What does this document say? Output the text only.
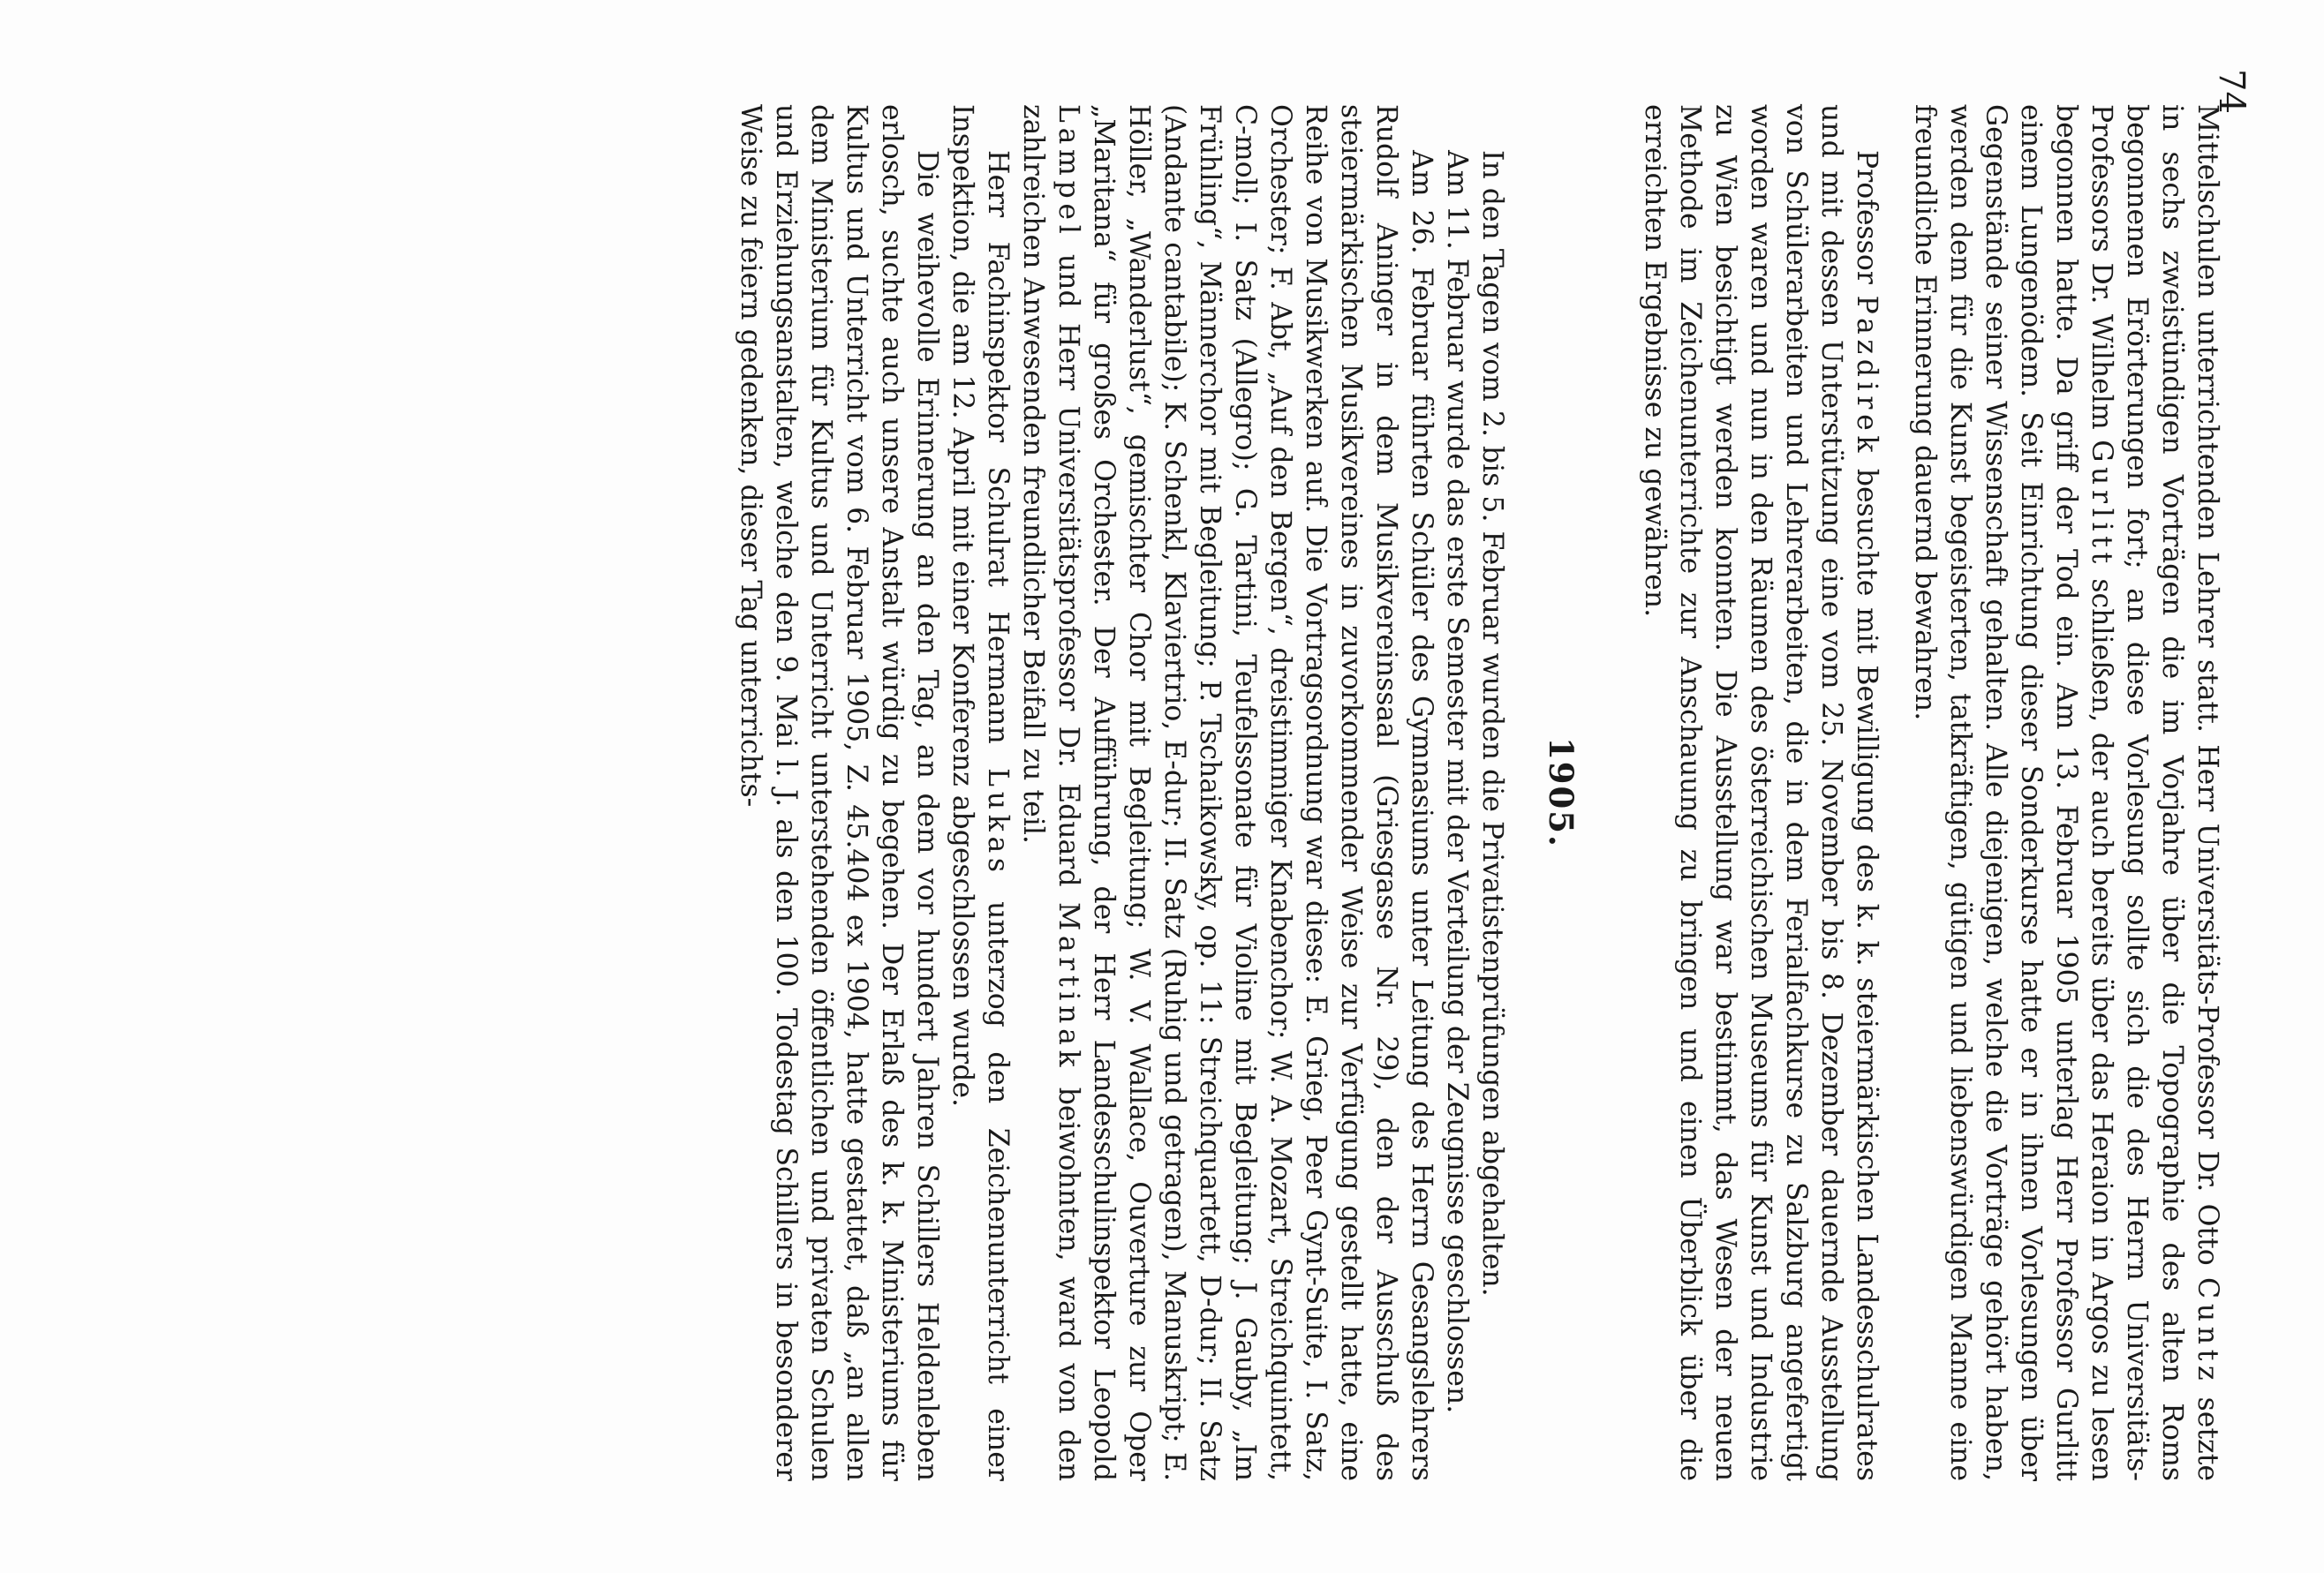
74

Mittelschulen unterrichtenden Lehrer statt. Herr Universitäts-Professor Dr. Otto Cuntz setzte in sechs zweistündigen Vorträgen die im Vorjahre über die Topographie des alten Roms begonnenen Erörterungen fort; an diese Vorlesung sollte sich die des Herrn Universitäts-Professors Dr. Wilhelm Gurlitt schließen, der auch bereits über das Heraion in Argos zu lesen begonnen hatte. Da griff der Tod ein. Am 13. Februar 1905 unterlag Herr Professor Gurlitt einem Lungenödem. Seit Einrichtung dieser Sonderkurse hatte er in ihnen Vorlesungen über Gegenstände seiner Wissenschaft gehalten. Alle diejenigen, welche die Vorträge gehört haben, werden dem für die Kunst begeisterten, tatkräftigen, gütigen und liebenswürdigen Manne eine freundliche Erinnerung dauernd bewahren.

Professor Pazdirek besuchte mit Bewilligung des k. k. steiermärkischen Landesschulrates und mit dessen Unterstützung eine vom 25. November bis 8. Dezember dauernde Ausstellung von Schülerarbeiten und Lehrerarbeiten, die in dem Ferialfachkurse zu Salzburg angefertigt worden waren und nun in den Räumen des österreichischen Museums für Kunst und Industrie zu Wien besichtigt werden konnten. Die Ausstellung war bestimmt, das Wesen der neuen Methode im Zeichenunterrichte zur Anschauung zu bringen und einen Überblick über die erreichten Ergebnisse zu gewähren.

1905.

In den Tagen vom 2. bis 5. Februar wurden die Privatistenprüfungen abgehalten.

Am 11. Februar wurde das erste Semester mit der Verteilung der Zeugnisse geschlossen.

Am 26. Februar führten Schüler des Gymnasiums unter Leitung des Herrn Gesangslehrers Rudolf Aninger in dem Musikvereinssaal (Griesgasse Nr. 29), den der Ausschuß des steiermärkischen Musikvereines in zuvorkommender Weise zur Verfügung gestellt hatte, eine Reihe von Musikwerken auf. Die Vortragsordnung war diese: E. Grieg, Peer Gynt-Suite, I. Satz, Orchester; F. Abt, „Auf den Bergen“, dreistimmiger Knabenchor; W. A. Mozart, Streichquintett, C-moll; I. Satz (Allegro); G. Tartini, Teufelssonate für Violine mit Begleitung; J. Gauby, „Im Frühling“, Männerchor mit Begleitung; P. Tschaikowsky, op. 11: Streichquartett, D-dur; II. Satz (Andante cantabile); K. Schenkl, Klaviertrio, E-dur; II. Satz (Ruhig und getragen), Manuskript; E. Höller, „Wanderlust“, gemischter Chor mit Begleitung; W. V. Wallace, Ouverture zur Oper „Maritana“ für großes Orchester. Der Aufführung, der Herr Landesschulinspektor Leopold Lampel und Herr Universitätsprofessor Dr. Eduard Martinak beiwohnten, ward von den zahlreichen Anwesenden freundlicher Beifall zu teil.

Herr Fachinspektor Schulrat Hermann Lukas unterzog den Zeichenunterricht einer Inspektion, die am 12. April mit einer Konferenz abgeschlossen wurde.

Die weihevolle Erinnerung an den Tag, an dem vor hundert Jahren Schillers Heldenleben erlosch, suchte auch unsere Anstalt würdig zu begehen. Der Erlaß des k. k. Ministeriums für Kultus und Unterricht vom 6. Februar 1905, Z. 45.404 ex 1904, hatte gestattet, daß „an allen dem Ministerium für Kultus und Unterricht unterstehenden öffentlichen und privaten Schulen und Erziehungsanstalten, welche den 9. Mai l. J. als den 100. Todestag Schillers in besonderer Weise zu feiern gedenken, dieser Tag unterrichts-
